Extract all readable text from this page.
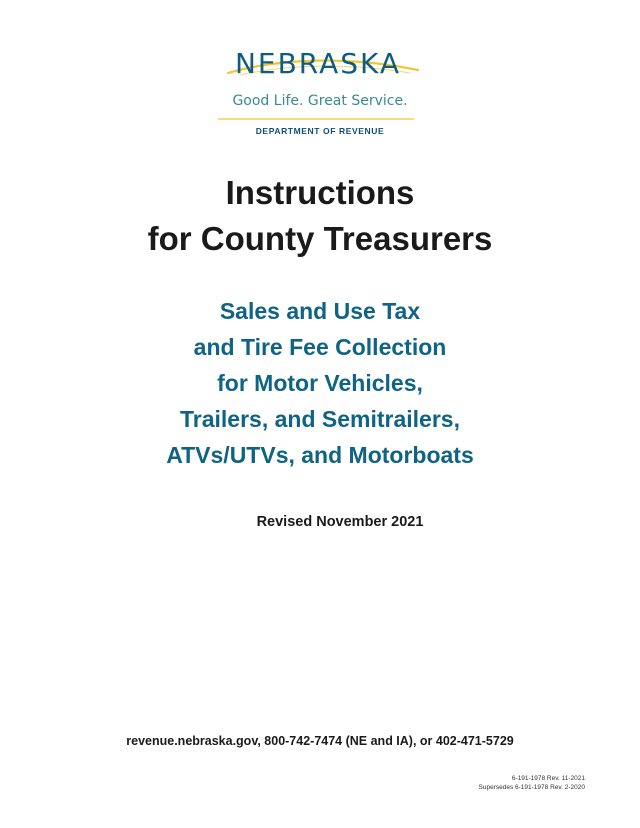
NEBRASKA
Good Life. Great Service.
DEPARTMENT OF REVENUE
Instructions
for County Treasurers
Sales and Use Tax
and Tire Fee Collection
for Motor Vehicles,
Trailers, and Semitrailers,
ATVs/UTVs, and Motorboats
Revised November 2021
revenue.nebraska.gov, 800-742-7474 (NE and IA), or 402-471-5729
6-191-1978 Rev. 11-2021
Supersedes 6-191-1978 Rev. 2-2020
